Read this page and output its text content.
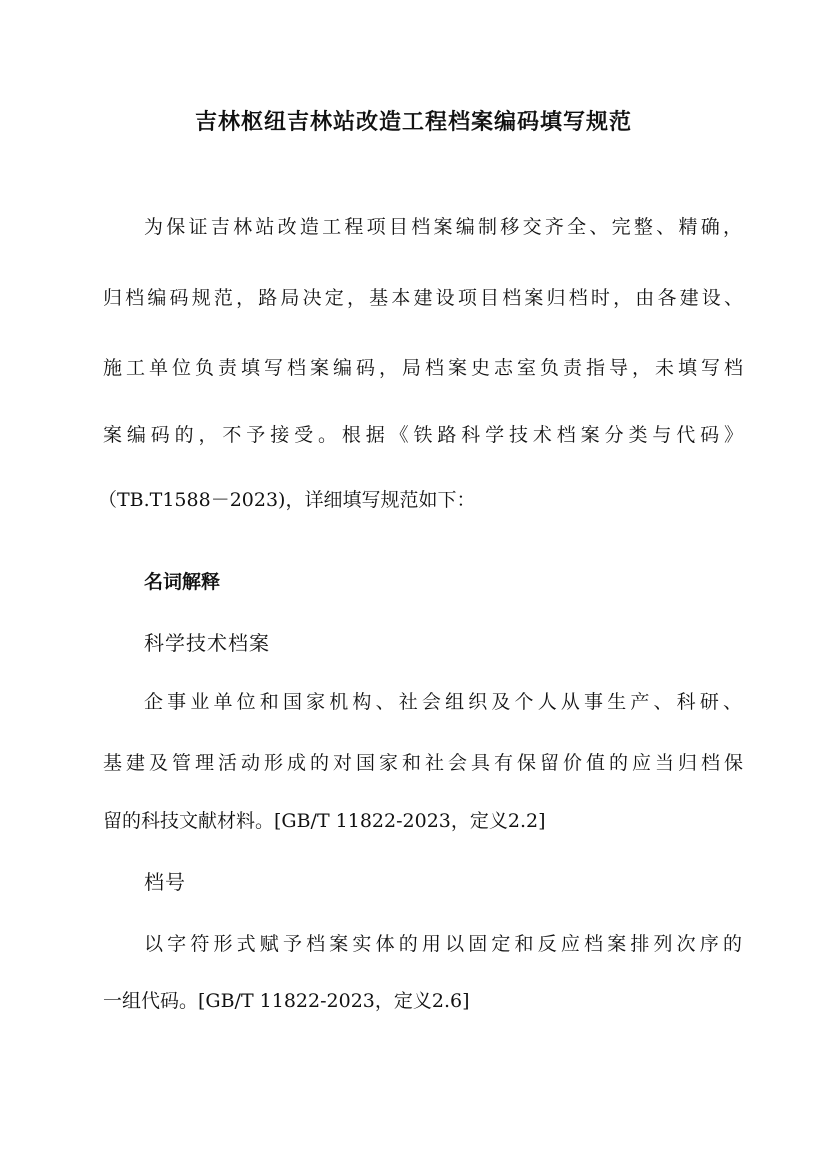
吉林枢纽吉林站改造工程档案编码填写规范
为保证吉林站改造工程项目档案编制移交齐全、完整、精确，
归档编码规范，路局决定，基本建设项目档案归档时，由各建设、
施工单位负责填写档案编码，局档案史志室负责指导，未填写档
案编码的，不予接受。根据《铁路科学技术档案分类与代码》
（TB.T1588－2023)，详细填写规范如下：
名词解释
科学技术档案
企事业单位和国家机构、社会组织及个人从事生产、科研、
基建及管理活动形成的对国家和社会具有保留价值的应当归档保
留的科技文献材料。[GB/T 11822-2023，定义2.2]
档号
以字符形式赋予档案实体的用以固定和反应档案排列次序的
一组代码。[GB/T 11822-2023，定义2.6]
